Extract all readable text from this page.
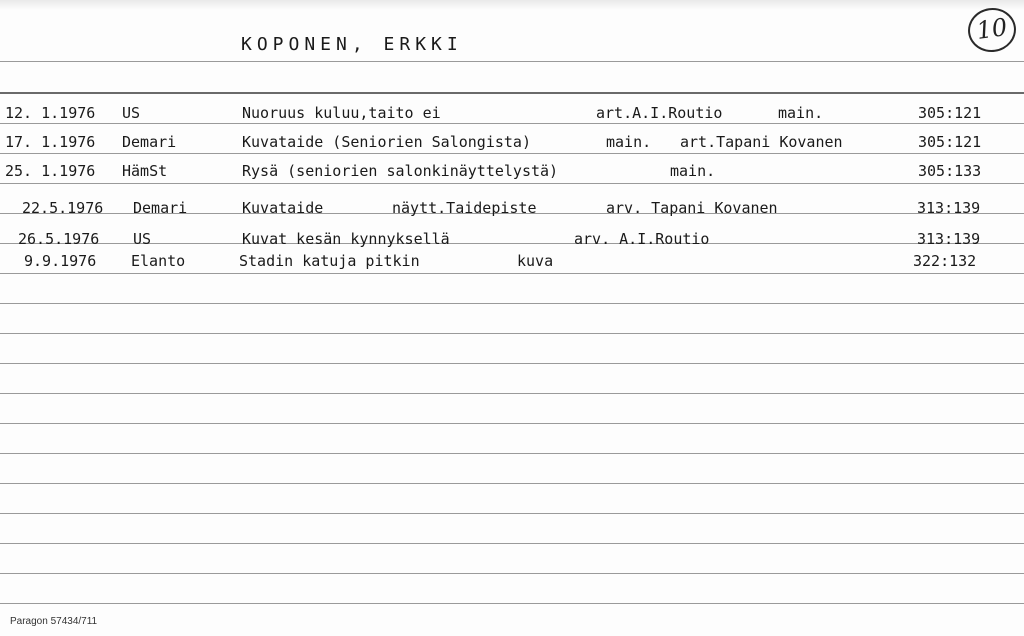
KOPONEN, ERKKI	10
12. 1.1976 US	Nuoruus kuluu,taito ei	art.A.I.Routio	main.	305:121
17. 1.1976 Demari	Kuvataide (Seniorien Salongista)	main. art.Tapani Kovanen	305:121
25. 1.1976 HämSt	Rysä (seniorien salonkinäyttelystä)	main.	305:133
22.5.1976 Demari	Kuvataide	näytt.Taidepiste	arv. Tapani Kovanen	313:139
26.5.1976 US	Kuvat kesän kynnyksellä	arv. A.I.Routio	313:139
9.9.1976 Elanto	Stadin katuja pitkin	kuva	322:132
Paragon 57434/711
